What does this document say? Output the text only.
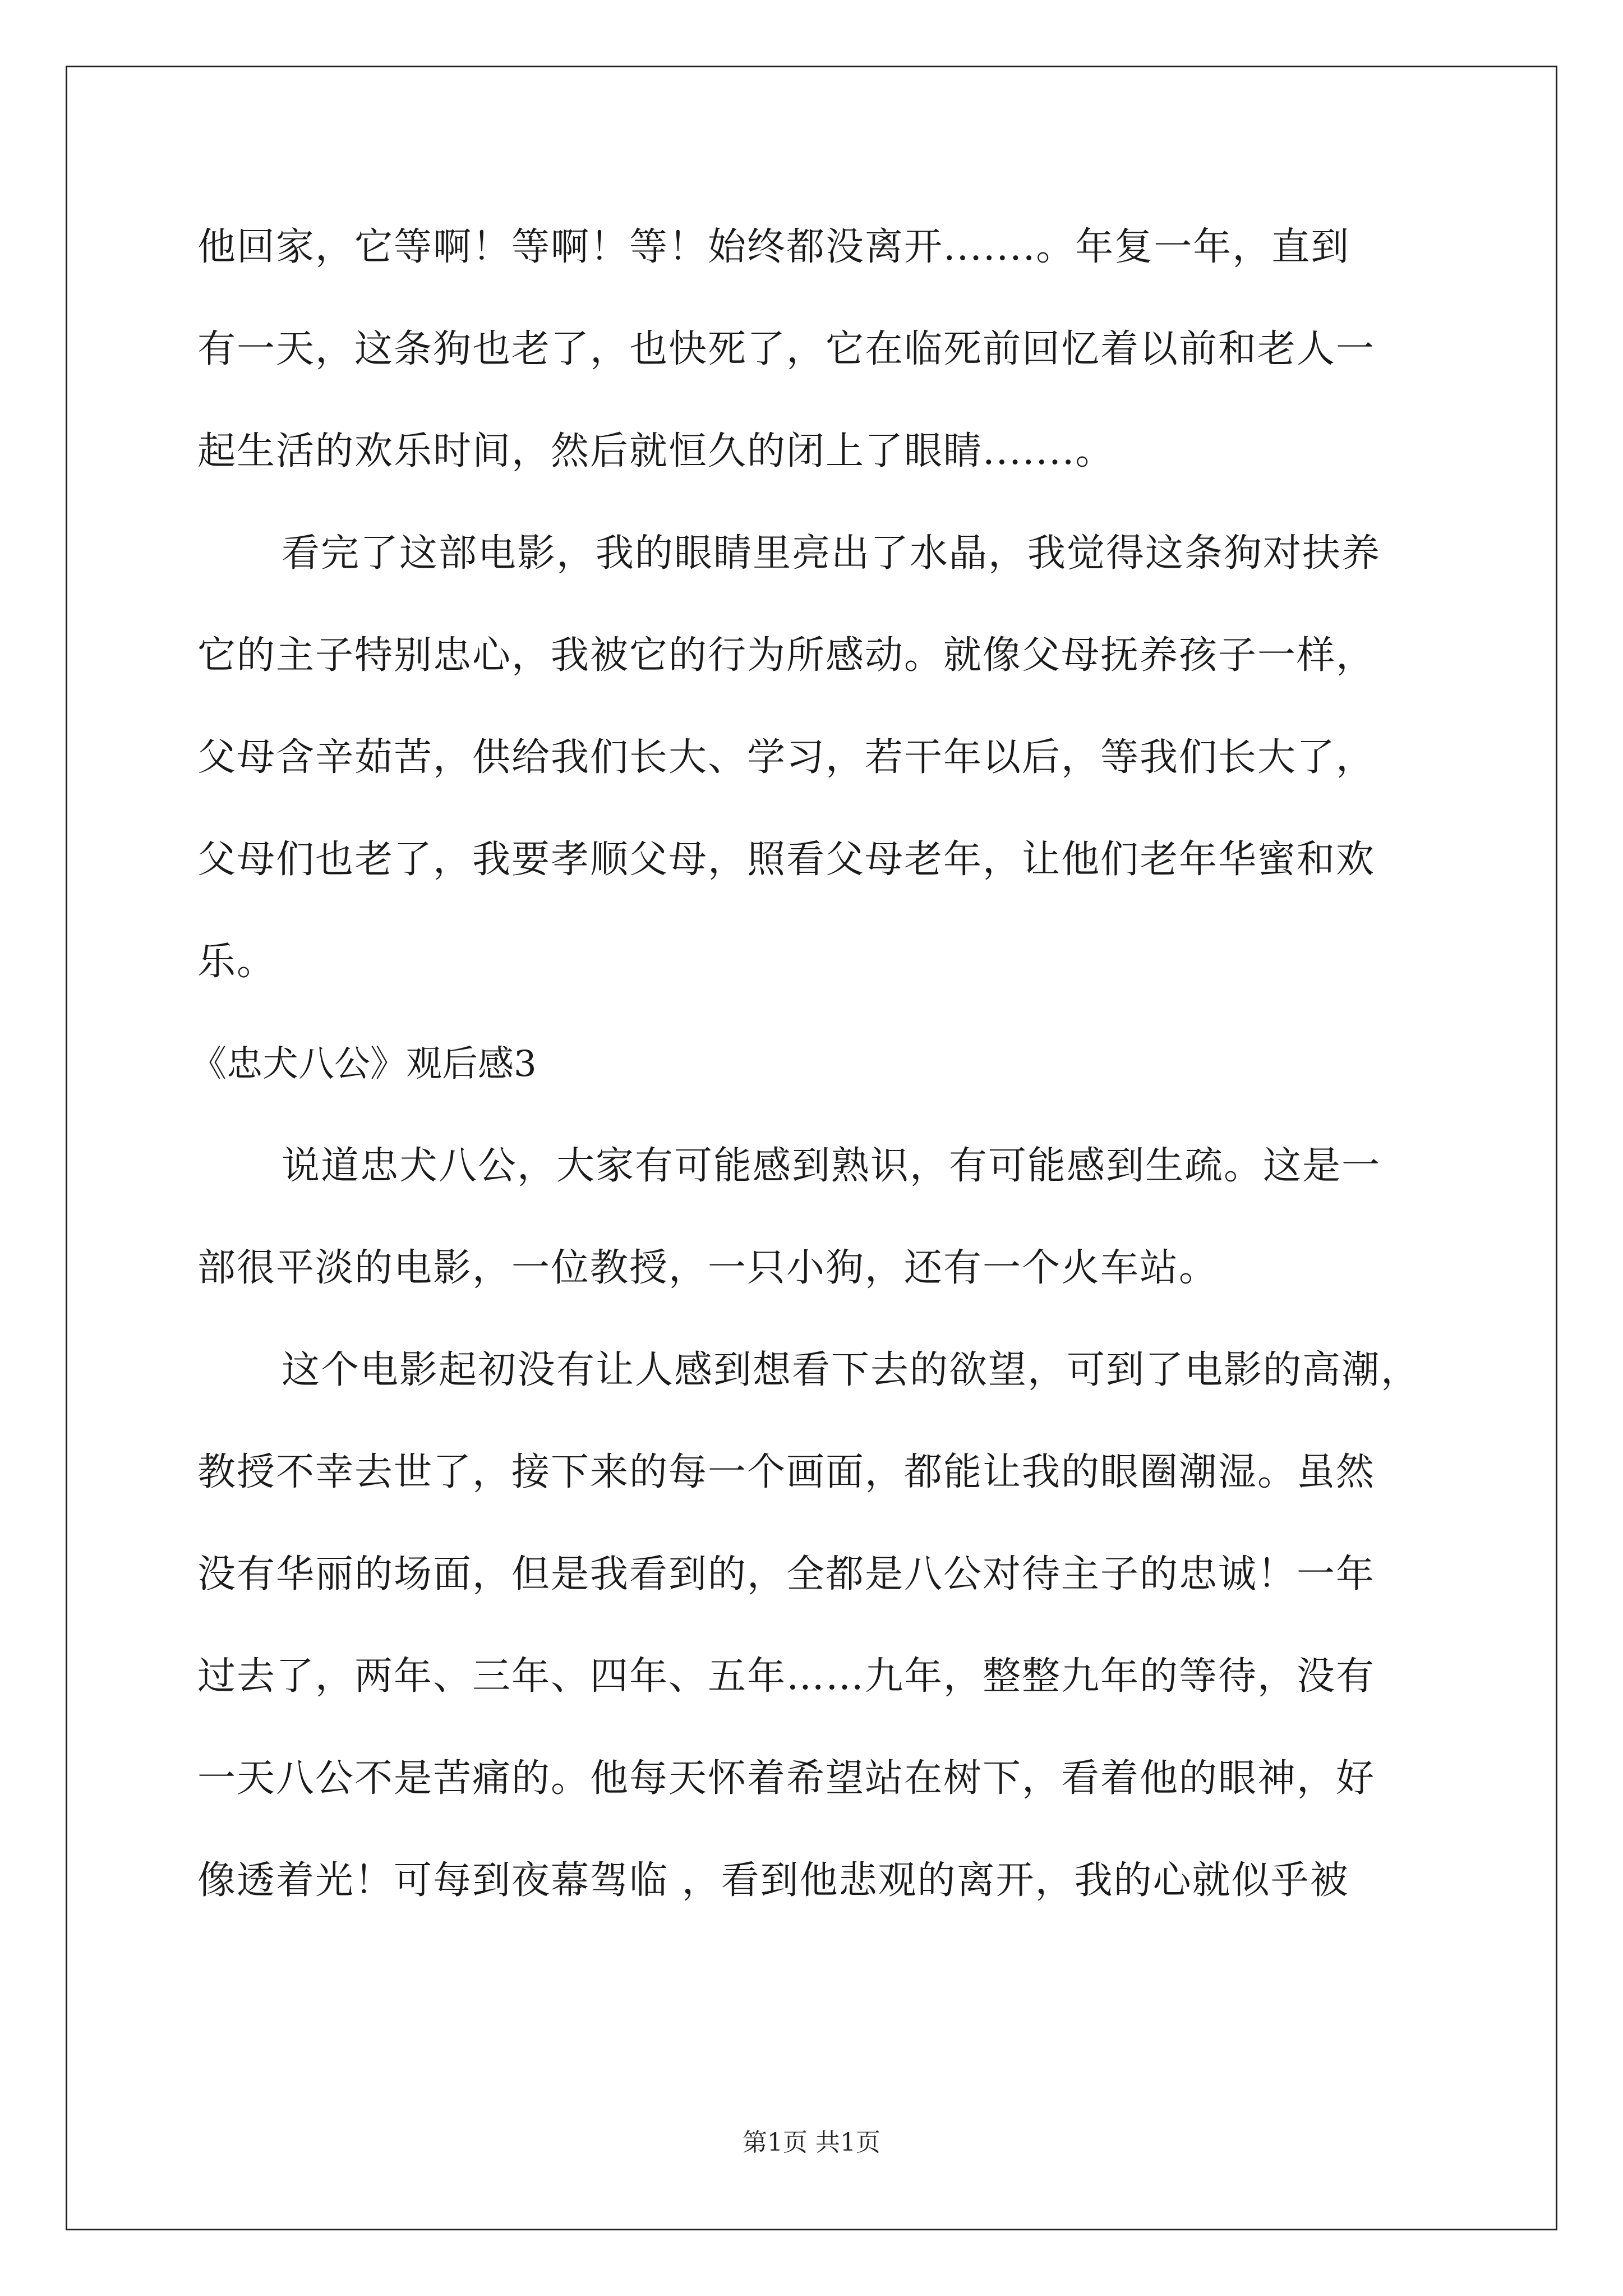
他回家，它等啊！等啊！等！始终都没离开.......。年复一年，直到
有一天，这条狗也老了，也快死了，它在临死前回忆着以前和老人一
起生活的欢乐时间，然后就恒久的闭上了眼睛.......。
看完了这部电影，我的眼睛里亮出了水晶，我觉得这条狗对扶养
它的主子特别忠心，我被它的行为所感动。就像父母抚养孩子一样，
父母含辛茹苦，供给我们长大、学习，若干年以后，等我们长大了，
父母们也老了，我要孝顺父母，照看父母老年，让他们老年华蜜和欢
乐。
《忠犬八公》观后感3
说道忠犬八公，大家有可能感到熟识，有可能感到生疏。这是一
部很平淡的电影，一位教授，一只小狗，还有一个火车站。
这个电影起初没有让人感到想看下去的欲望，可到了电影的高潮，
教授不幸去世了，接下来的每一个画面，都能让我的眼圈潮湿。虽然
没有华丽的场面，但是我看到的，全都是八公对待主子的忠诚！一年
过去了，两年、三年、四年、五年……九年，整整九年的等待，没有
一天八公不是苦痛的。他每天怀着希望站在树下，看着他的眼神，好
像透着光！可每到夜幕驾临 ，看到他悲观的离开，我的心就似乎被
第1页 共1页
